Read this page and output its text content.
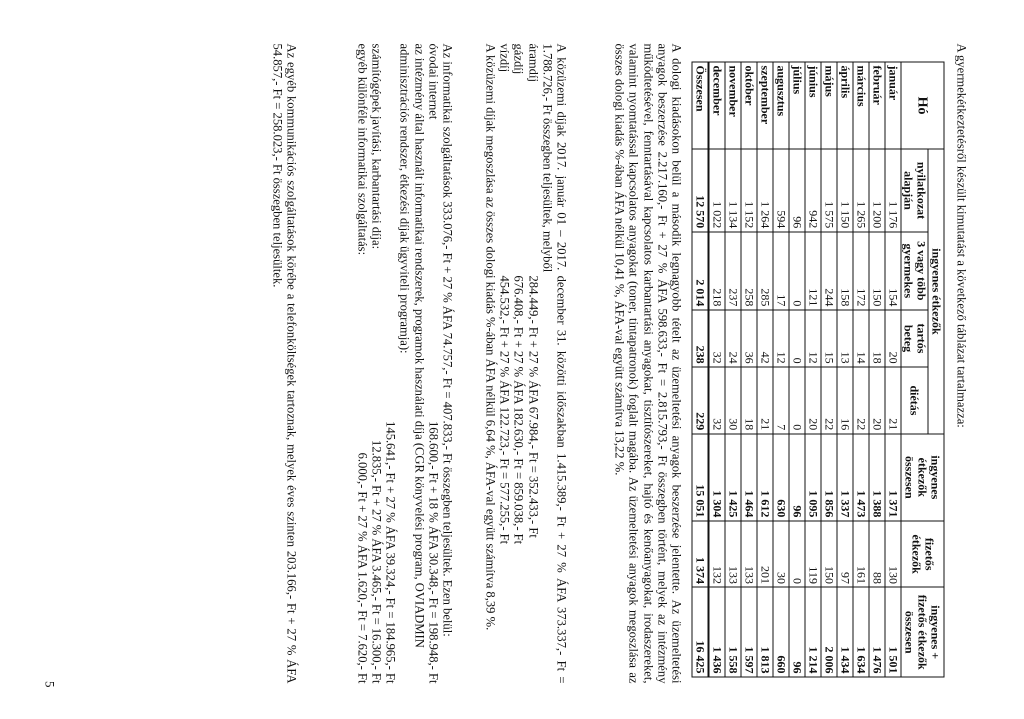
A gyermekétkeztetésről készült kimutatást a következő táblázat tartalmazza:

Hó	ingyenes étkezők				ingyenes étkezők összesen	fizetős étkezők	ingyenes + fizetős étkezők összesen
	nyilatkozat alapján	3 vagy több gyermekes	tartós beteg	diétás			
január	1 176	154	20	21	1 371	130	1 501
február	1 200	150	18	20	1 388	88	1 476
március	1 265	172	14	22	1 473	161	1 634
április	1 150	158	13	16	1 337	97	1 434
május	1 575	244	15	22	1 856	150	2 006
június	942	121	12	20	1 095	119	1 214
július	96	0	0	0	96	0	96
augusztus	594	17	12	7	630	30	660
szeptember	1 264	285	42	21	1 612	201	1 813
október	1 152	258	36	18	1 464	133	1 597
november	1 134	237	24	30	1 425	133	1 558
december	1 022	218	32	32	1 304	132	1 436
Összesen	12 570	2 014	238	229	15 051	1 374	16 425

A dologi kiadásokon belül a második legnagyobb tételt az üzemeltetési anyagok beszerzése jelentette. Az üzemeltetési anyagok beszerzése 2.217.160,- Ft + 27 % ÁFA 598.633,- Ft = 2.815.793,- Ft összegben történt, melyek az intézmény működtetésével, fenntartásával kapcsolatos karbantartási anyagokat, tisztítószereket, hajtó és kenőanyagokat, irodaszereket, valamint nyomtatással kapcsolatos anyagokat (toner, tintapatronok) foglalt magába. Az üzemeltetési anyagok megoszlása az összes dologi kiadás %-ában ÁFA nélkül 10,41 %, ÁFA-val együtt számítva 13,22 %.

A közüzemi díjak 2017. január 01 – 2017. december 31. közötti időszakban 1.415.389,- Ft + 27 % ÁFA 373.337,- Ft = 1.788.726,- Ft összegben teljesültek, melyből

áramdíj
284.449,- Ft + 27 % ÁFA 67.984,- Ft = 352.433,- Ft
gázdíj
676.408,- Ft + 27 % ÁFA 182.630,- Ft = 859.038,- Ft
vízdíj
454.532,- Ft + 27 % ÁFA 122.723,- Ft = 577.255,- Ft

A közüzemi díjak megoszlása az összes dologi kiadás %-ában ÁFA nélkül 6,64 %, ÁFA-val együtt számítva 8,39 %.

Az informatikai szolgáltatások 333.076,- Ft + 27 % ÁFA 74.757,- Ft = 407.833,- Ft összegben teljesültek. Ezen belül:

óvodai internet
168.600,- Ft + 18 % ÁFA 30.348,- Ft = 198.948,- Ft
az intézmény által használt informatikai rendszerek, programok használati díja (CGR könyvelési program, OVIADMIN adminisztrációs rendszer, étkezési díjak ügyviteli programja):
145.641,- Ft + 27 % ÁFA 39.324,- Ft = 184.965,- Ft
számítógépek javítási, karbantartási díja:
12.835,- Ft + 27 % ÁFA 3.465,- Ft = 16.300,- Ft
egyéb különféle informatikai szolgáltatás:
6.000,- Ft + 27 % ÁFA 1.620,- Ft = 7.620,- Ft

Az egyéb kommunikációs szolgáltatások körébe a telefonköltségek tartoznak, melyek éves szinten 203.166,- Ft + 27 % ÁFA 54.857,- Ft = 258.023,- Ft összegben teljesültek.

5
